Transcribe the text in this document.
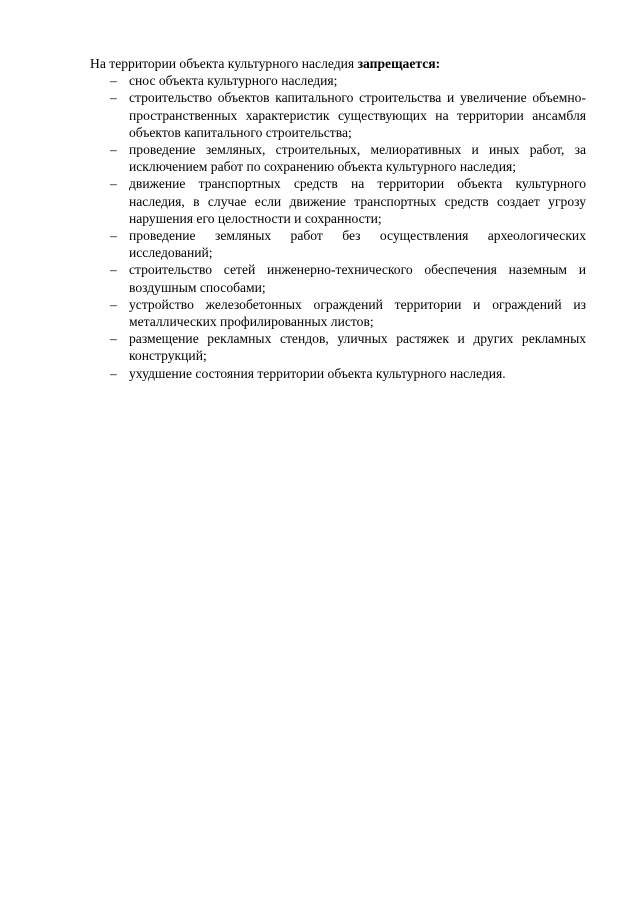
На территории объекта культурного наследия запрещается:

– снос объекта культурного наследия;
– строительство объектов капитального строительства и увеличение объемно-пространственных характеристик существующих на территории ансамбля объектов капитального строительства;
– проведение земляных, строительных, мелиоративных и иных работ, за исключением работ по сохранению объекта культурного наследия;
– движение транспортных средств на территории объекта культурного наследия, в случае если движение транспортных средств создает угрозу нарушения его целостности и сохранности;
– проведение земляных работ без осуществления археологических исследований;
– строительство сетей инженерно-технического обеспечения наземным и воздушным способами;
– устройство железобетонных ограждений территории и ограждений из металлических профилированных листов;
– размещение рекламных стендов, уличных растяжек и других рекламных конструкций;
– ухудшение состояния территории объекта культурного наследия.
